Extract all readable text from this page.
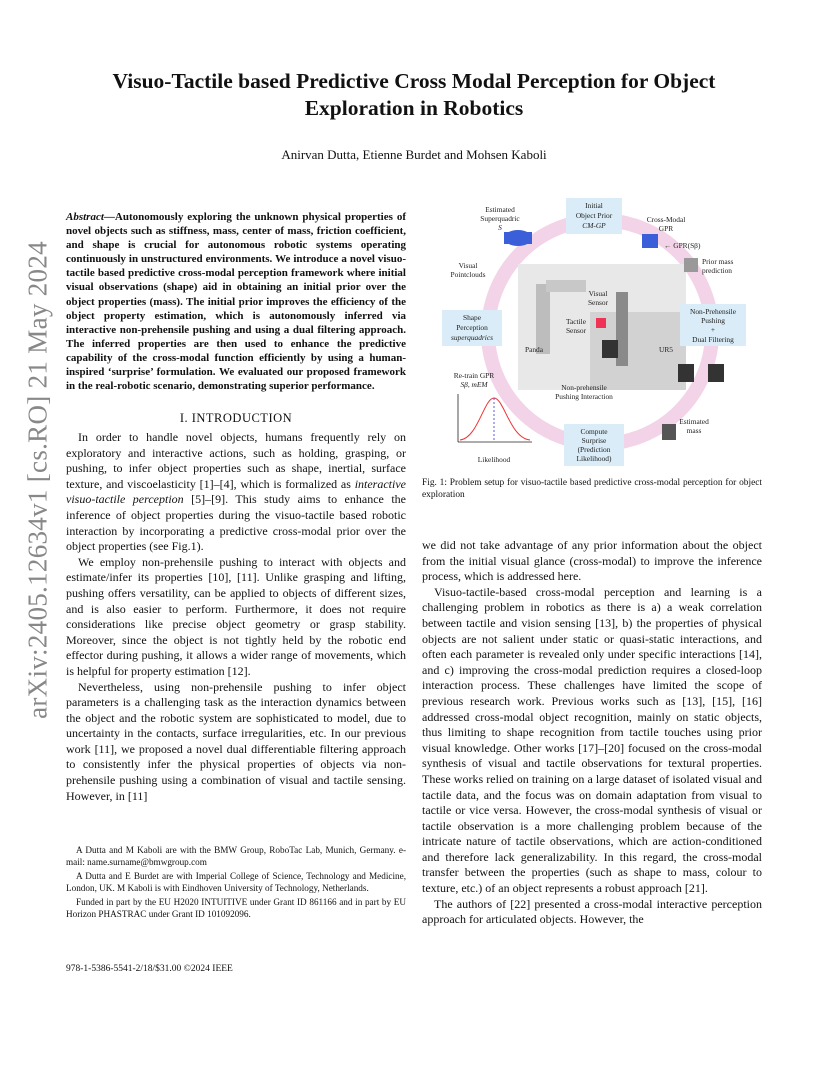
arXiv:2405.12634v1 [cs.RO] 21 May 2024
Visuo-Tactile based Predictive Cross Modal Perception for Object Exploration in Robotics
Anirvan Dutta, Etienne Burdet and Mohsen Kaboli
Abstract—Autonomously exploring the unknown physical properties of novel objects such as stiffness, mass, center of mass, friction coefficient, and shape is crucial for autonomous robotic systems operating continuously in unstructured environments. We introduce a novel visuo-tactile based predictive cross-modal perception framework where initial visual observations (shape) aid in obtaining an initial prior over the object properties (mass). The initial prior improves the efficiency of the object property estimation, which is autonomously inferred via interactive non-prehensile pushing and using a dual filtering approach. The inferred properties are then used to enhance the predictive capability of the cross-modal function efficiently by using a human-inspired ‘surprise’ formulation. We evaluated our proposed framework in the real-robotic scenario, demonstrating superior performance.
I. INTRODUCTION

In order to handle novel objects, humans frequently rely on exploratory and interactive actions, such as holding, grasping, or pushing, to infer object properties such as shape, inertial, surface texture, and viscoelasticity [1]–[4], which is formalized as interactive visuo-tactile perception [5]–[9]. This study aims to enhance the inference of object properties during the visuo-tactile based robotic interaction by incorporating a predictive cross-modal prior over the object properties (see Fig.1).

We employ non-prehensile pushing to interact with objects and estimate/infer its properties [10], [11]. Unlike grasping and lifting, pushing offers versatility, can be applied to objects of different sizes, and is also easier to perform. Furthermore, it does not require considerations like precise object geometry or grasp stability. Moreover, since the object is not tightly held by the robotic end effector during pushing, it allows a wider range of movements, which is helpful for property estimation [12].

Nevertheless, using non-prehensile pushing to infer object parameters is a challenging task as the interaction dynamics between the object and the robotic system are sophisticated to model, due to uncertainty in the contacts, surface irregularities, etc. In our previous work [11], we proposed a novel dual differentiable filtering approach to consistently infer the physical properties of objects via non-prehensile pushing using a combination of visual and tactile sensing. However, in [11]

A Dutta and M Kaboli are with the BMW Group, RoboTac Lab, Munich, Germany. e-mail: name.surname@bmwgroup.com
A Dutta and E Burdet are with Imperial College of Science, Technology and Medicine, London, UK. M Kaboli is with Eindhoven University of Technology, Netherlands.
Funded in part by the EU H2020 INTUITIVE under Grant ID 861166 and in part by EU Horizon PHASTRAC under Grant ID 101092096.
978-1-5386-5541-2/18/$31.00 ©2024 IEEE
Initial
Object Prior
CM-GP
Shape
Perception
superquadrics
Non-Prehensile
Pushing
+
Dual Filtering
Compute
Surprise
(Prediction
Likelihood)
Estimated
Superquadric
S
Cross-Modal
GPR
← GPR(Sβ)
Prior mass
prediction
Visual
Pointclouds
Visual
Sensor
Tactile
Sensor
Panda	UR5
Re-train GPR
Sβ, mEM	Non-prehensile
Pushing Interaction
Estimated
mass
Likelihood
Fig. 1: Problem setup for visuo-tactile based predictive cross-modal perception for object exploration

we did not take advantage of any prior information about the object from the initial visual glance (cross-modal) to improve the inference process, which is addressed here.

Visuo-tactile-based cross-modal perception and learning is a challenging problem in robotics as there is a) a weak correlation between tactile and vision sensing [13], b) the properties of physical objects are not salient under static or quasi-static interactions, and often each parameter is revealed only under specific interactions [14], and c) improving the cross-modal prediction requires a closed-loop interaction process. These challenges have limited the scope of previous research work. Previous works such as [13], [15], [16] addressed cross-modal object recognition, mainly on static objects, thus limiting to shape recognition from tactile touches using prior visual knowledge. Other works [17]–[20] focused on the cross-modal synthesis of visual and tactile observations for textural properties. These works relied on training on a large dataset of isolated visual and tactile data, and the focus was on domain adaptation from visual to tactile or vice versa. However, the cross-modal synthesis of visual or tactile observation is a more challenging problem because of the intricate nature of tactile observations, which are action-conditioned and therefore lack generalizability. In this regard, the cross-modal transfer between the properties (such as shape to mass, colour to texture, etc.) of an object represents a robust approach [21].

The authors of [22] presented a cross-modal interactive perception approach for articulated objects. However, the
